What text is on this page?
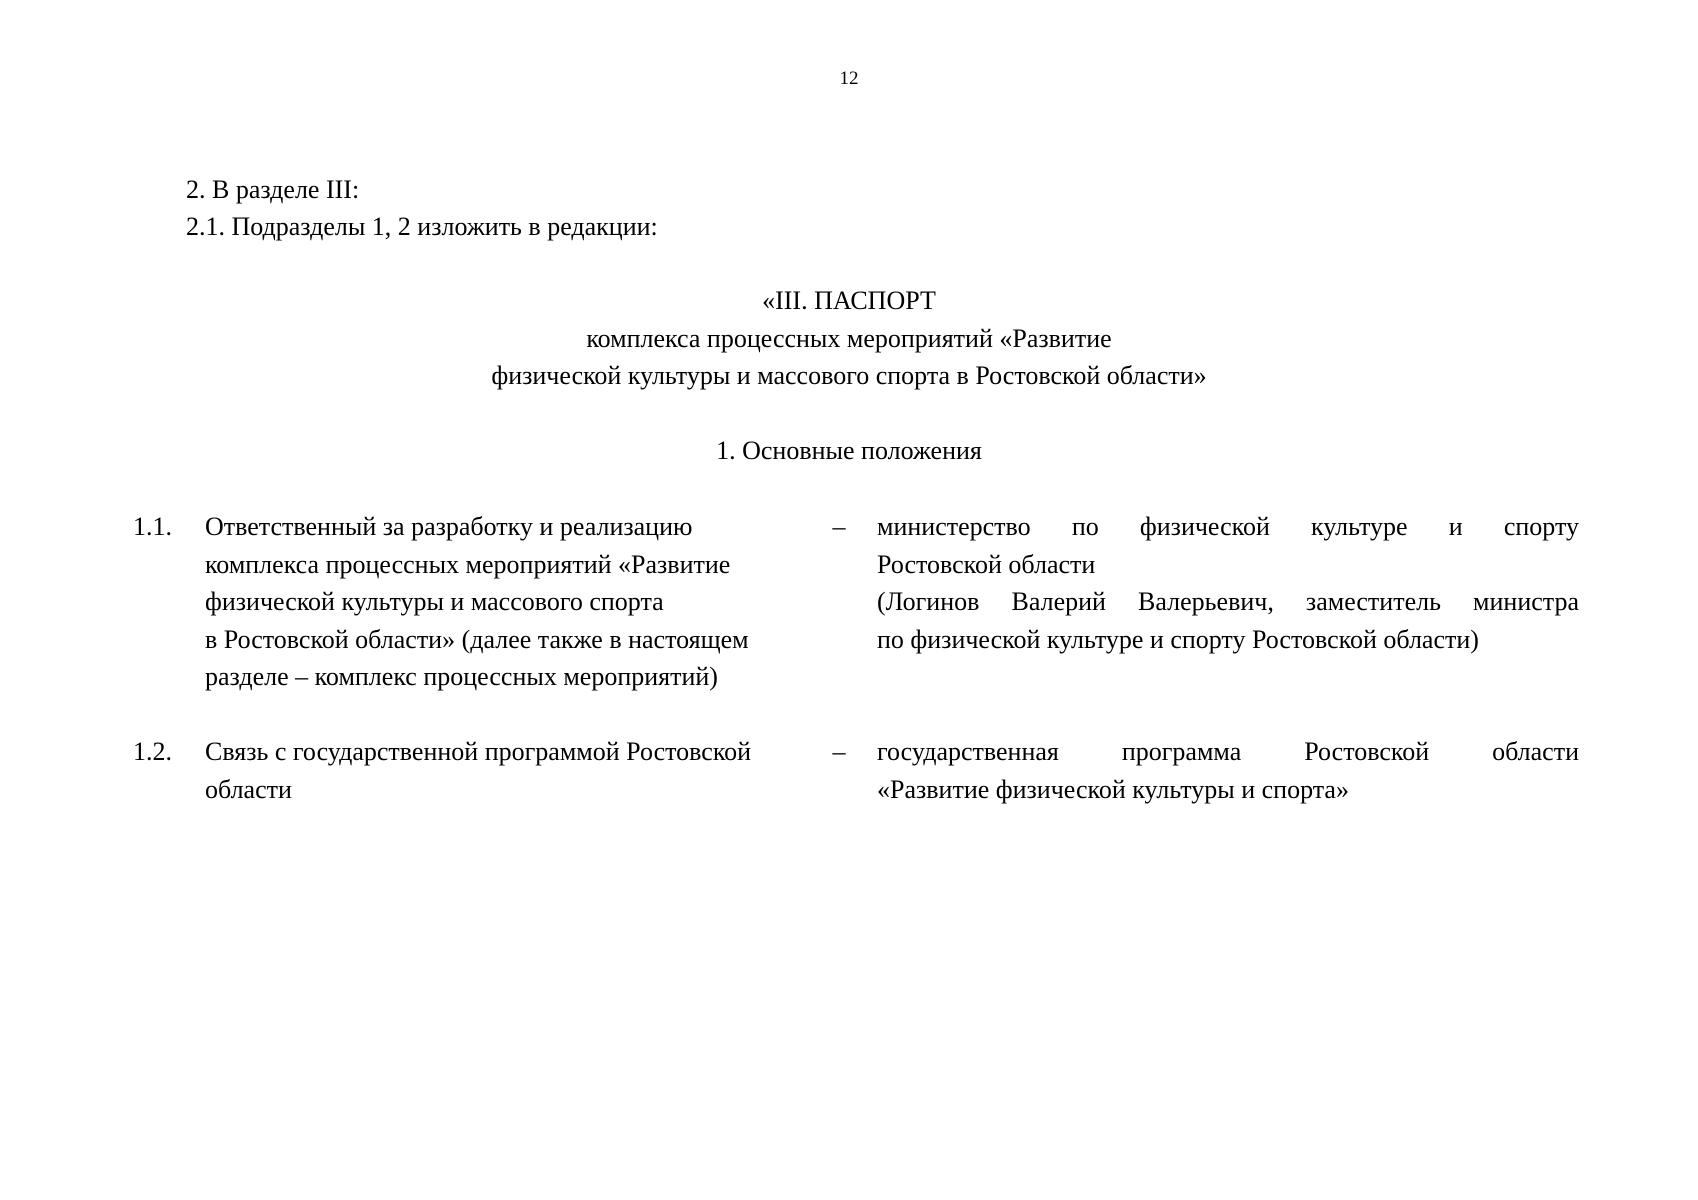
12
2. В разделе III:
2.1. Подразделы 1, 2 изложить в редакции:
«III. ПАСПОРТ
комплекса процессных мероприятий «Развитие
физической культуры и массового спорта в Ростовской области»
1. Основные положения
1.1. Ответственный за разработку и реализацию
комплекса процессных мероприятий «Развитие
физической культуры и массового спорта
в Ростовской области» (далее также в настоящем
разделе – комплекс процессных мероприятий)
– министерство по физической культуре и спорту
Ростовской области
(Логинов Валерий Валерьевич, заместитель министра
по физической культуре и спорту Ростовской области)
1.2. Связь с государственной программой Ростовской
области
– государственная программа Ростовской области
«Развитие физической культуры и спорта»
